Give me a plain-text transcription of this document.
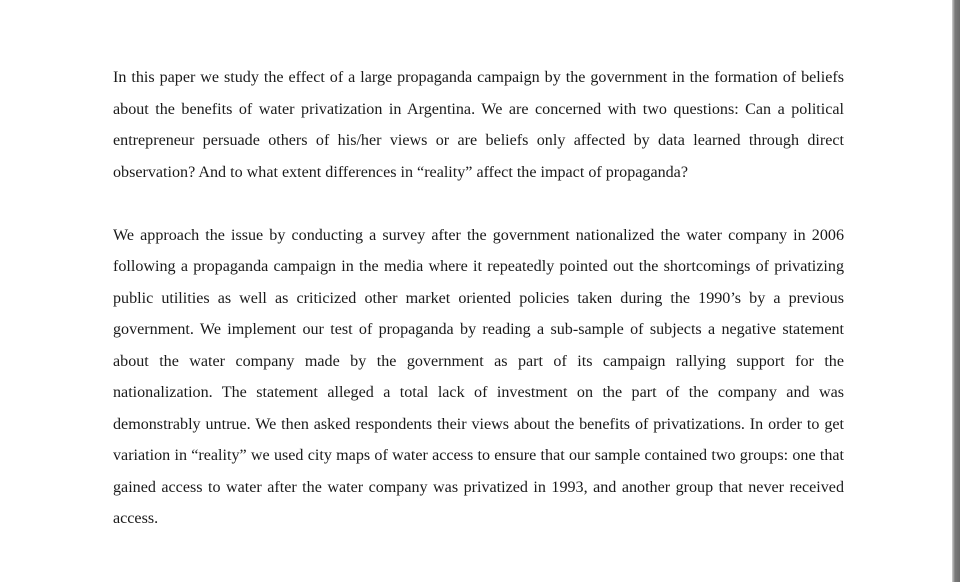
In this paper we study the effect of a large propaganda campaign by the government in the formation of beliefs about the benefits of water privatization in Argentina. We are concerned with two questions: Can a political entrepreneur persuade others of his/her views or are beliefs only affected by data learned through direct observation? And to what extent differences in “reality” affect the impact of propaganda?

We approach the issue by conducting a survey after the government nationalized the water company in 2006 following a propaganda campaign in the media where it repeatedly pointed out the shortcomings of privatizing public utilities as well as criticized other market oriented policies taken during the 1990’s by a previous government. We implement our test of propaganda by reading a sub-sample of subjects a negative statement about the water company made by the government as part of its campaign rallying support for the nationalization. The statement alleged a total lack of investment on the part of the company and was demonstrably untrue. We then asked respondents their views about the benefits of privatizations. In order to get variation in “reality” we used city maps of water access to ensure that our sample contained two groups: one that gained access to water after the water company was privatized in 1993, and another group that never received access.
